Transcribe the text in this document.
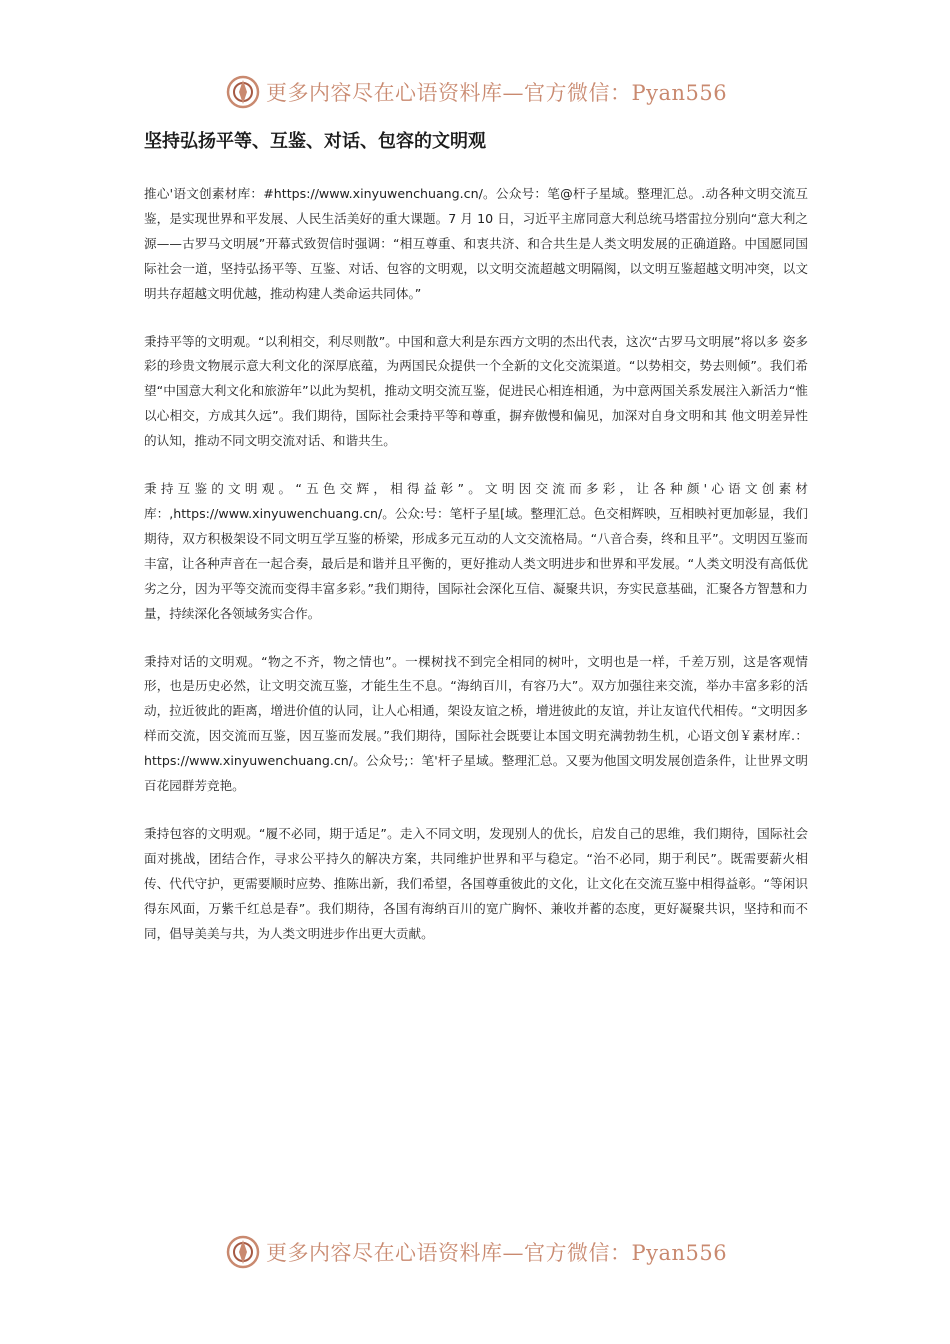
更多内容尽在心语资料库—官方微信：Pyan556
坚持弘扬平等、互鉴、对话、包容的文明观

推心'语文创素材库：#https://www.xinyuwenchuang.cn/。公众号：笔@杆子星域。整理汇总。.动各种文明交流互鉴，是实现世界和平发展、人民生活美好的重大课题。7 月 10 日，习近平主席同意大利总统马塔雷拉分别向“意大利之源——古罗马文明展”开幕式致贺信时强调：“相互尊重、和衷共济、和合共生是人类文明发展的正确道路。中国愿同国际社会一道，坚持弘扬平等、互鉴、对话、包容的文明观，以文明交流超越文明隔阂，以文明互鉴超越文明冲突，以文明共存超越文明优越，推动构建人类命运共同体。”

秉持平等的文明观。“以利相交，利尽则散”。中国和意大利是东西方文明的杰出代表，这次“古罗马文明展”将以多 姿多彩的珍贵文物展示意大利文化的深厚底蕴，为两国民众提供一个全新的文化交流渠道。“以势相交，势去则倾”。我们希望“中国意大利文化和旅游年”以此为契机，推动文明交流互鉴，促进民心相连相通，为中意两国关系发展注入新活力“惟以心相交，方成其久远”。我们期待，国际社会秉持平等和尊重，摒弃傲慢和偏见，加深对自身文明和其 他文明差异性的认知，推动不同文明交流对话、和谐共生。

秉持互鉴的文明观。“五色交辉，相得益彰”。文明因交流而多彩，让各种颜'心语文创素材库：,https://www.xinyuwenchuang.cn/。公众:号：笔杆子星[域。整理汇总。色交相辉映，互相映衬更加彰显，我们期待，双方积极架设不同文明互学互鉴的桥梁，形成多元互动的人文交流格局。“八音合奏，终和且平”。文明因互鉴而丰富，让各种声音在一起合奏，最后是和谐并且平衡的，更好推动人类文明进步和世界和平发展。“人类文明没有高低优劣之分，因为平等交流而变得丰富多彩。”我们期待，国际社会深化互信、凝聚共识，夯实民意基础，汇聚各方智慧和力量，持续深化各领域务实合作。

秉持对话的文明观。“物之不齐，物之情也”。一棵树找不到完全相同的树叶，文明也是一样，千差万别，这是客观情形，也是历史必然，让文明交流互鉴，才能生生不息。“海纳百川，有容乃大”。双方加强往来交流，举办丰富多彩的活动，拉近彼此的距离，增进价值的认同，让人心相通，架设友谊之桥，增进彼此的友谊，并让友谊代代相传。“文明因多样而交流，因交流而互鉴，因互鉴而发展。”我们期待，国际社会既要让本国文明充满勃勃生机，心语文创￥素材库.：https://www.xinyuwenchuang.cn/。公众号;：笔'杆子星域。整理汇总。又要为他国文明发展创造条件，让世界文明百花园群芳竞艳。

秉持包容的文明观。“履不必同，期于适足”。走入不同文明，发现别人的优长，启发自己的思维，我们期待，国际社会面对挑战，团结合作，寻求公平持久的解决方案，共同维护世界和平与稳定。“治不必同，期于利民”。既需要薪火相传、代代守护，更需要顺时应势、推陈出新，我们希望，各国尊重彼此的文化，让文化在交流互鉴中相得益彰。“等闲识得东风面，万紫千红总是春”。我们期待，各国有海纳百川的宽广胸怀、兼收并蓄的态度，更好凝聚共识，坚持和而不同，倡导美美与共，为人类文明进步作出更大贡献。

更多内容尽在心语资料库—官方微信：Pyan556
